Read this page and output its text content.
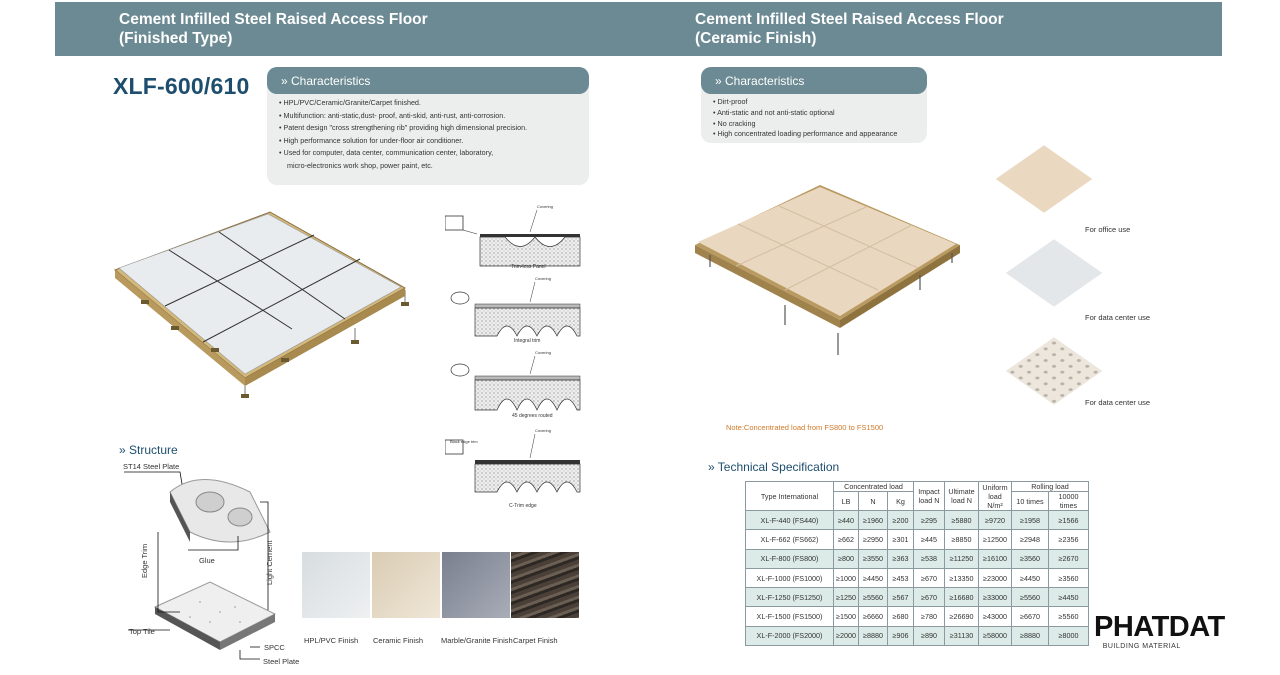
Cement Infilled Steel Raised Access Floor
(Finished Type)
Cement Infilled Steel Raised Access Floor
(Ceramic Finish)
XLF-600/610	» Characteristics
• HPL/PVC/Ceramic/Granite/Carpet finished.
• Multifunction: anti-static,dust- proof, anti-skid, anti-rust, anti-corrosion.
• Patent design "cross strengthening rib" providing high dimensional precision.
• High performance solution for under-floor air conditioner.
• Used for computer, data center, communication center, laboratory,
micro-electronics work shop, power paint, etc.
» Characteristics
• Dirt-proof
• Anti-static and not anti-static optional
• No cracking
• High concentrated loading performance and appearance
Covering
Covering
Covering
Covering
Black edge trim
Trim-less Panel
Integral trim
45 degrees routed
C-Trim edge
» Structure
ST14 Steel Plate
Edge Trim	Glue	Light Cement
Top Tile
SPCC
Steel Plate
HPL/PVC Finish Ceramic Finish Marble/Granite Finish Carpet Finish
For office use
For data center use
For data center use
Note:Concentrated load from FS800 to FS1500
» Technical Specification
Type International	Concentrated load			Impact load N	Ultimate load N	Uniform load N/m²	Rolling load	
	LB	N	Kg				10 times	10000 times
XL-F-440 (FS440)	≥440	≥1960	≥200	≥295	≥5880	≥9720	≥1958	≥1566
XL-F-662 (FS662)	≥662	≥2950	≥301	≥445	≥8850	≥12500	≥2948	≥2356
XL-F-800 (FS800)	≥800	≥3550	≥363	≥538	≥11250	≥16100	≥3560	≥2670
XL-F-1000 (FS1000)	≥1000	≥4450	≥453	≥670	≥13350	≥23000	≥4450	≥3560
XL-F-1250 (FS1250)	≥1250	≥5560	≥567	≥670	≥16680	≥33000	≥5560	≥4450
XL-F-1500 (FS1500)	≥1500	≥6660	≥680	≥780	≥26690	≥43000	≥6670	≥5560
XL-F-2000 (FS2000)	≥2000	≥8880	≥906	≥890	≥31130	≥58000	≥8880	≥8000 PHATDAT
BUILDING MATERIAL
